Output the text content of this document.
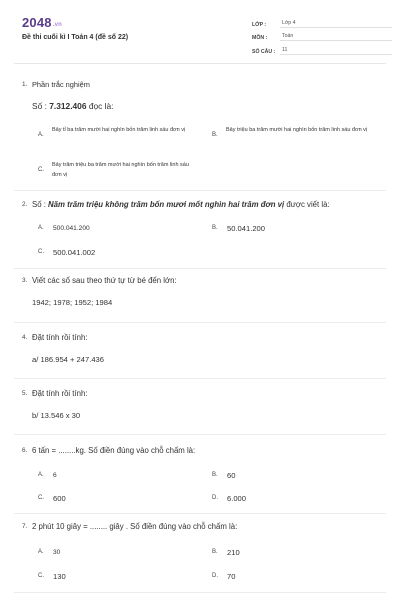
2048.vn
Đề thi cuối kì I Toán 4 (đề số 22)
LỚP :	Lớp 4
MÔN :	Toán
SỐ CÂU :	11
1. Phần trắc nghiệm
Số : 7.312.406 đọc là:
A.
Bảy tỉ ba trăm mười hai nghìn bốn trăm linh sáu đơn vị
B.
Bảy triệu ba trăm mười hai nghìn bốn trăm linh sáu đơn vị
C.
Bảy trăm triệu ba trăm mười hai nghìn bốn trăm linh sáu đơn vị
2. Số : Năm trăm triệu không trăm bốn mươi mốt nghìn hai trăm đơn vị được viết là:
A. 500.041.200	B. 50.041.200
C. 500.041.002
3. Viết các số sau theo thứ tự từ bé đến lớn:
1942; 1978; 1952; 1984
4. Đặt tính rồi tính:
a/ 186.954 + 247.436
5. Đặt tính rồi tính:
b/ 13.546 x 30
6. 6 tấn = ........kg. Số điền đúng vào chỗ chấm là:
A. 6	B. 60
C. 600	D. 6.000
7. 2 phút 10 giây = ........ giây . Số điền đúng vào chỗ chấm là:
A. 30	B. 210
C. 130	D. 70
